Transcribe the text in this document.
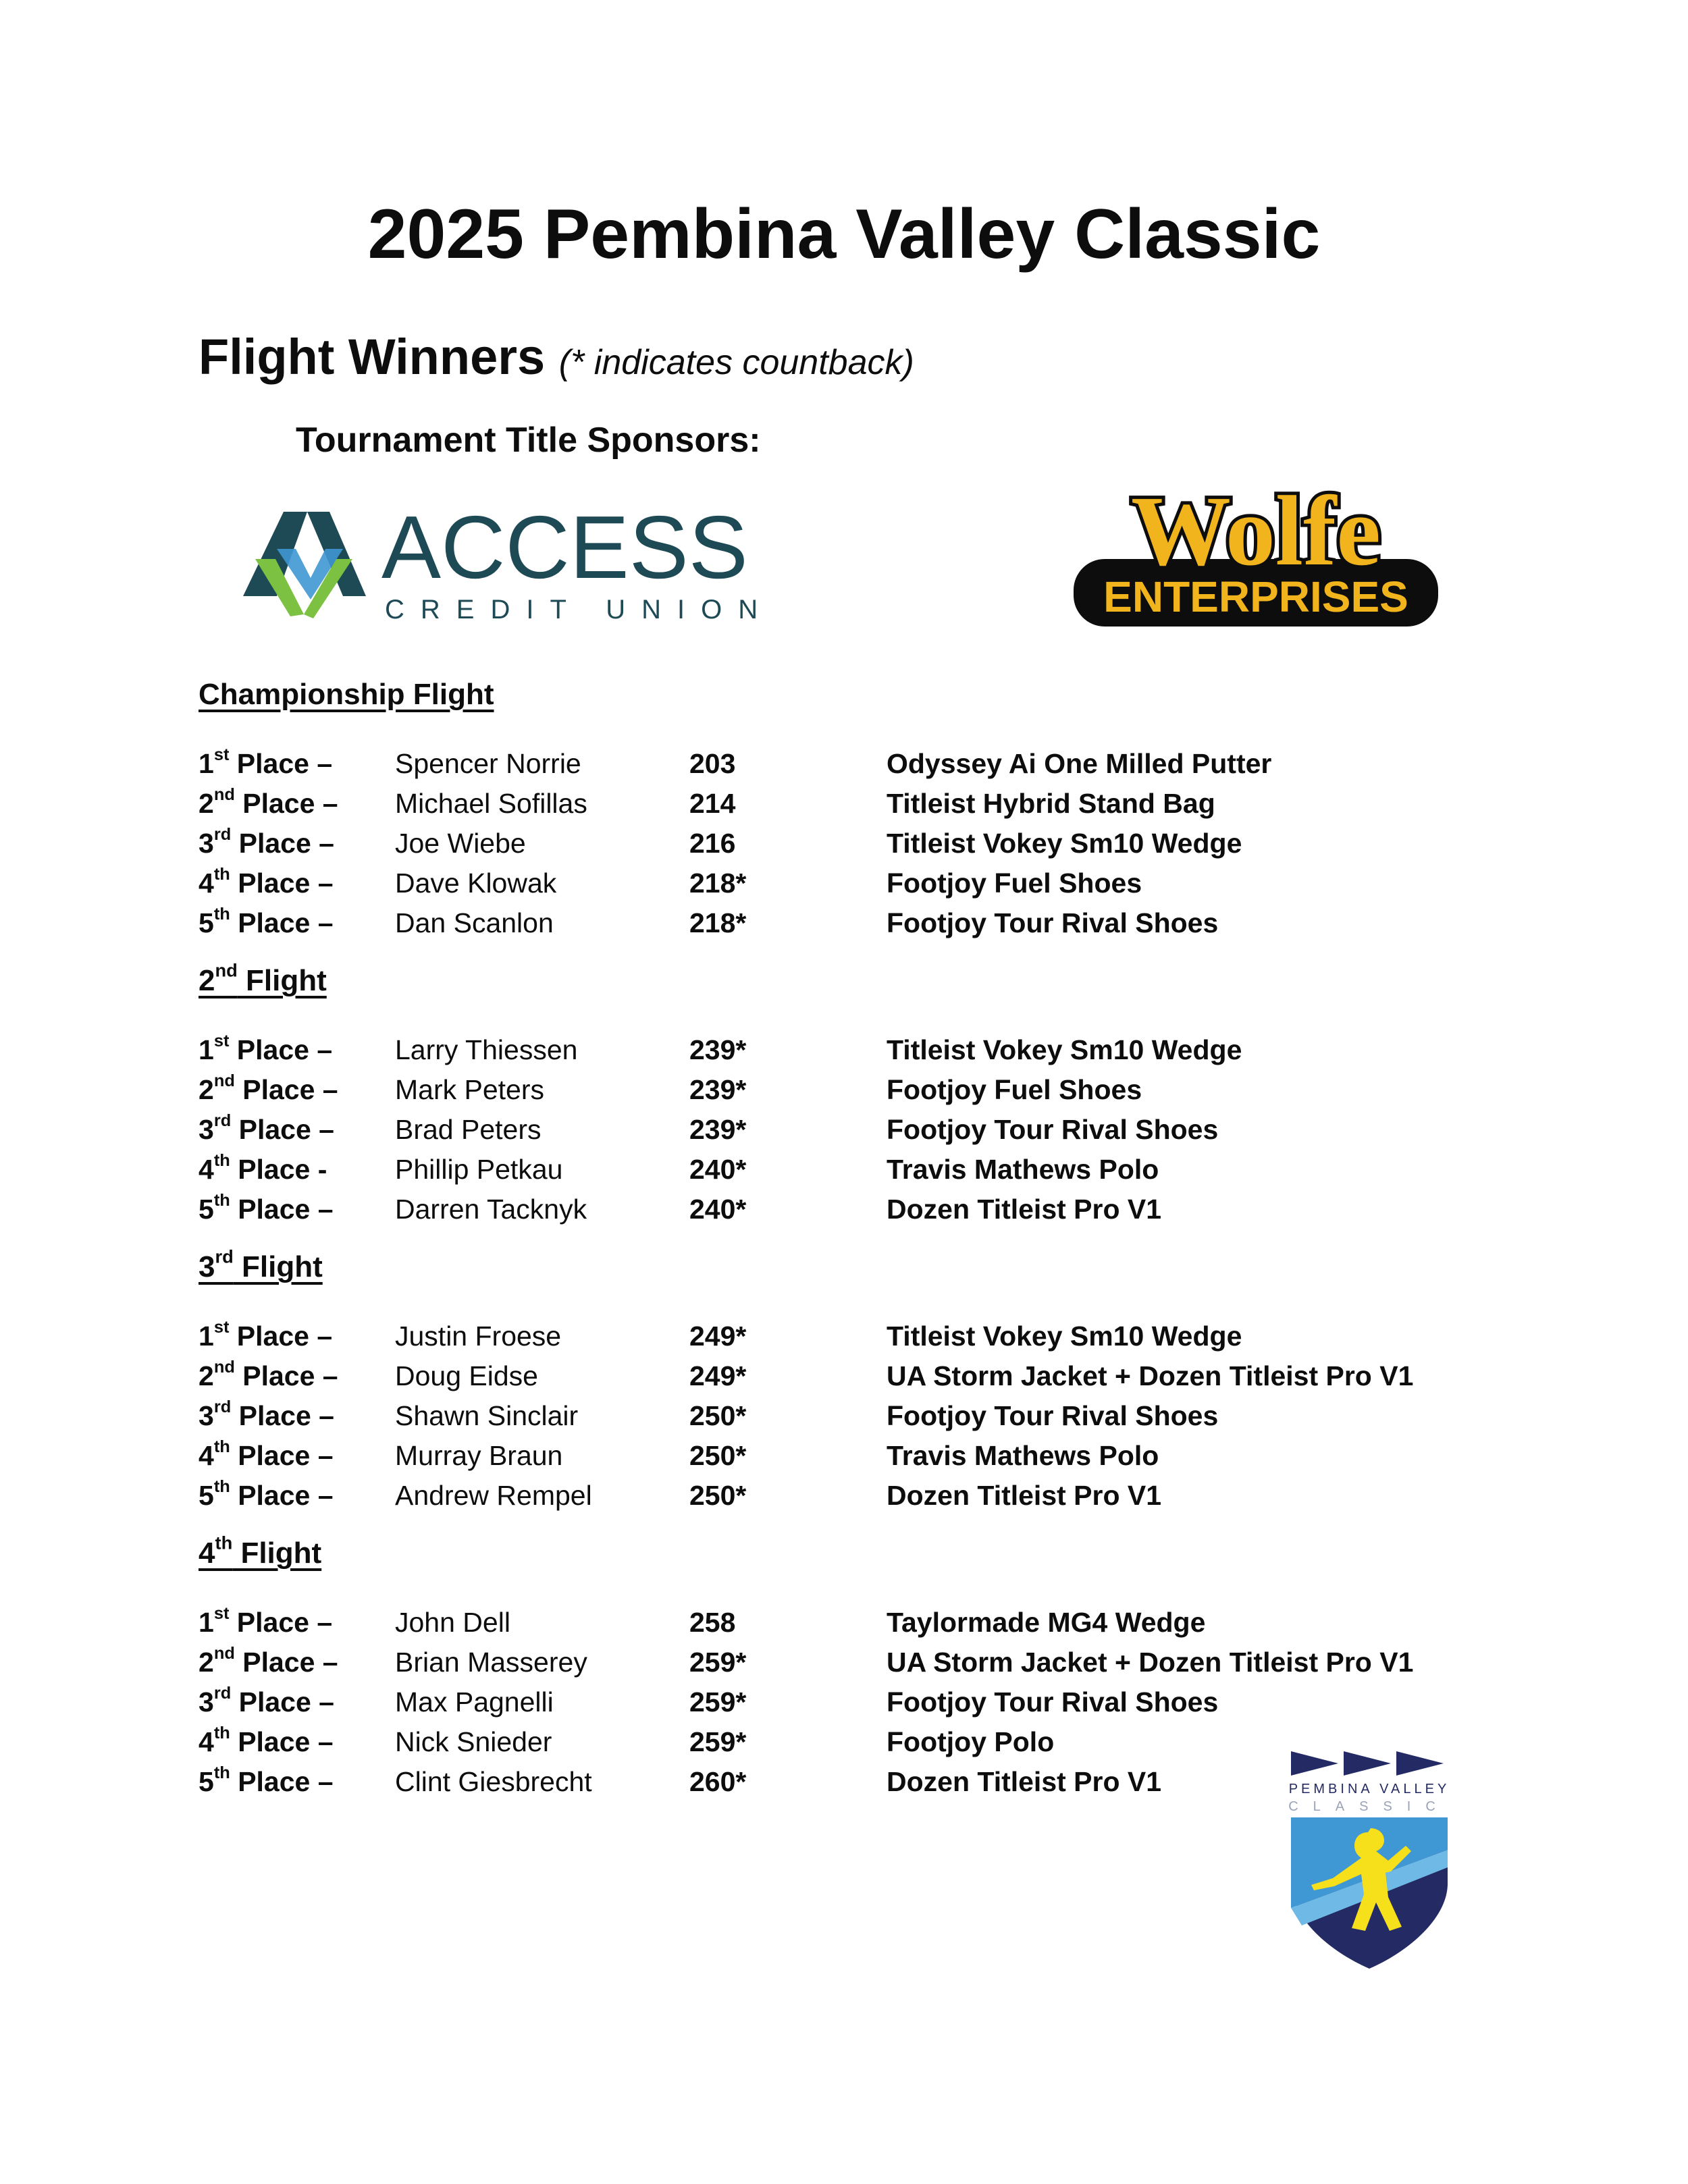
2025 Pembina Valley Classic
Flight Winners (* indicates countback)
Tournament Title Sponsors:
ACCESS
CREDIT UNION
Wolfe
ENTERPRISES
Championship Flight
1st Place – Spencer Norrie	203	Odyssey Ai One Milled Putter
2nd Place – Michael Sofillas	214	Titleist Hybrid Stand Bag
3rd Place – Joe Wiebe	216	Titleist Vokey Sm10 Wedge
4th Place – Dave Klowak	218*	Footjoy Fuel Shoes
5th Place – Dan Scanlon	218*	Footjoy Tour Rival Shoes
2nd Flight
1st Place – Larry Thiessen	239*	Titleist Vokey Sm10 Wedge
2nd Place – Mark Peters	239*	Footjoy Fuel Shoes
3rd Place – Brad Peters	239*	Footjoy Tour Rival Shoes
4th Place - Phillip Petkau	240*	Travis Mathews Polo
5th Place – Darren Tacknyk	240*	Dozen Titleist Pro V1
3rd Flight
1st Place – Justin Froese	249*	Titleist Vokey Sm10 Wedge
2nd Place – Doug Eidse	249*	UA Storm Jacket + Dozen Titleist Pro V1
3rd Place – Shawn Sinclair	250*	Footjoy Tour Rival Shoes
4th Place – Murray Braun	250*	Travis Mathews Polo
5th Place – Andrew Rempel	250*	Dozen Titleist Pro V1
4th Flight
1st Place – John Dell	258	Taylormade MG4 Wedge
2nd Place – Brian Masserey	259*	UA Storm Jacket + Dozen Titleist Pro V1
3rd Place – Max Pagnelli	259*	Footjoy Tour Rival Shoes
4th Place – Nick Snieder	259*	Footjoy Polo
5th Place – Clint Giesbrecht	260*	Dozen Titleist Pro V1	PEMBINA VALLEY
CLASSIC
